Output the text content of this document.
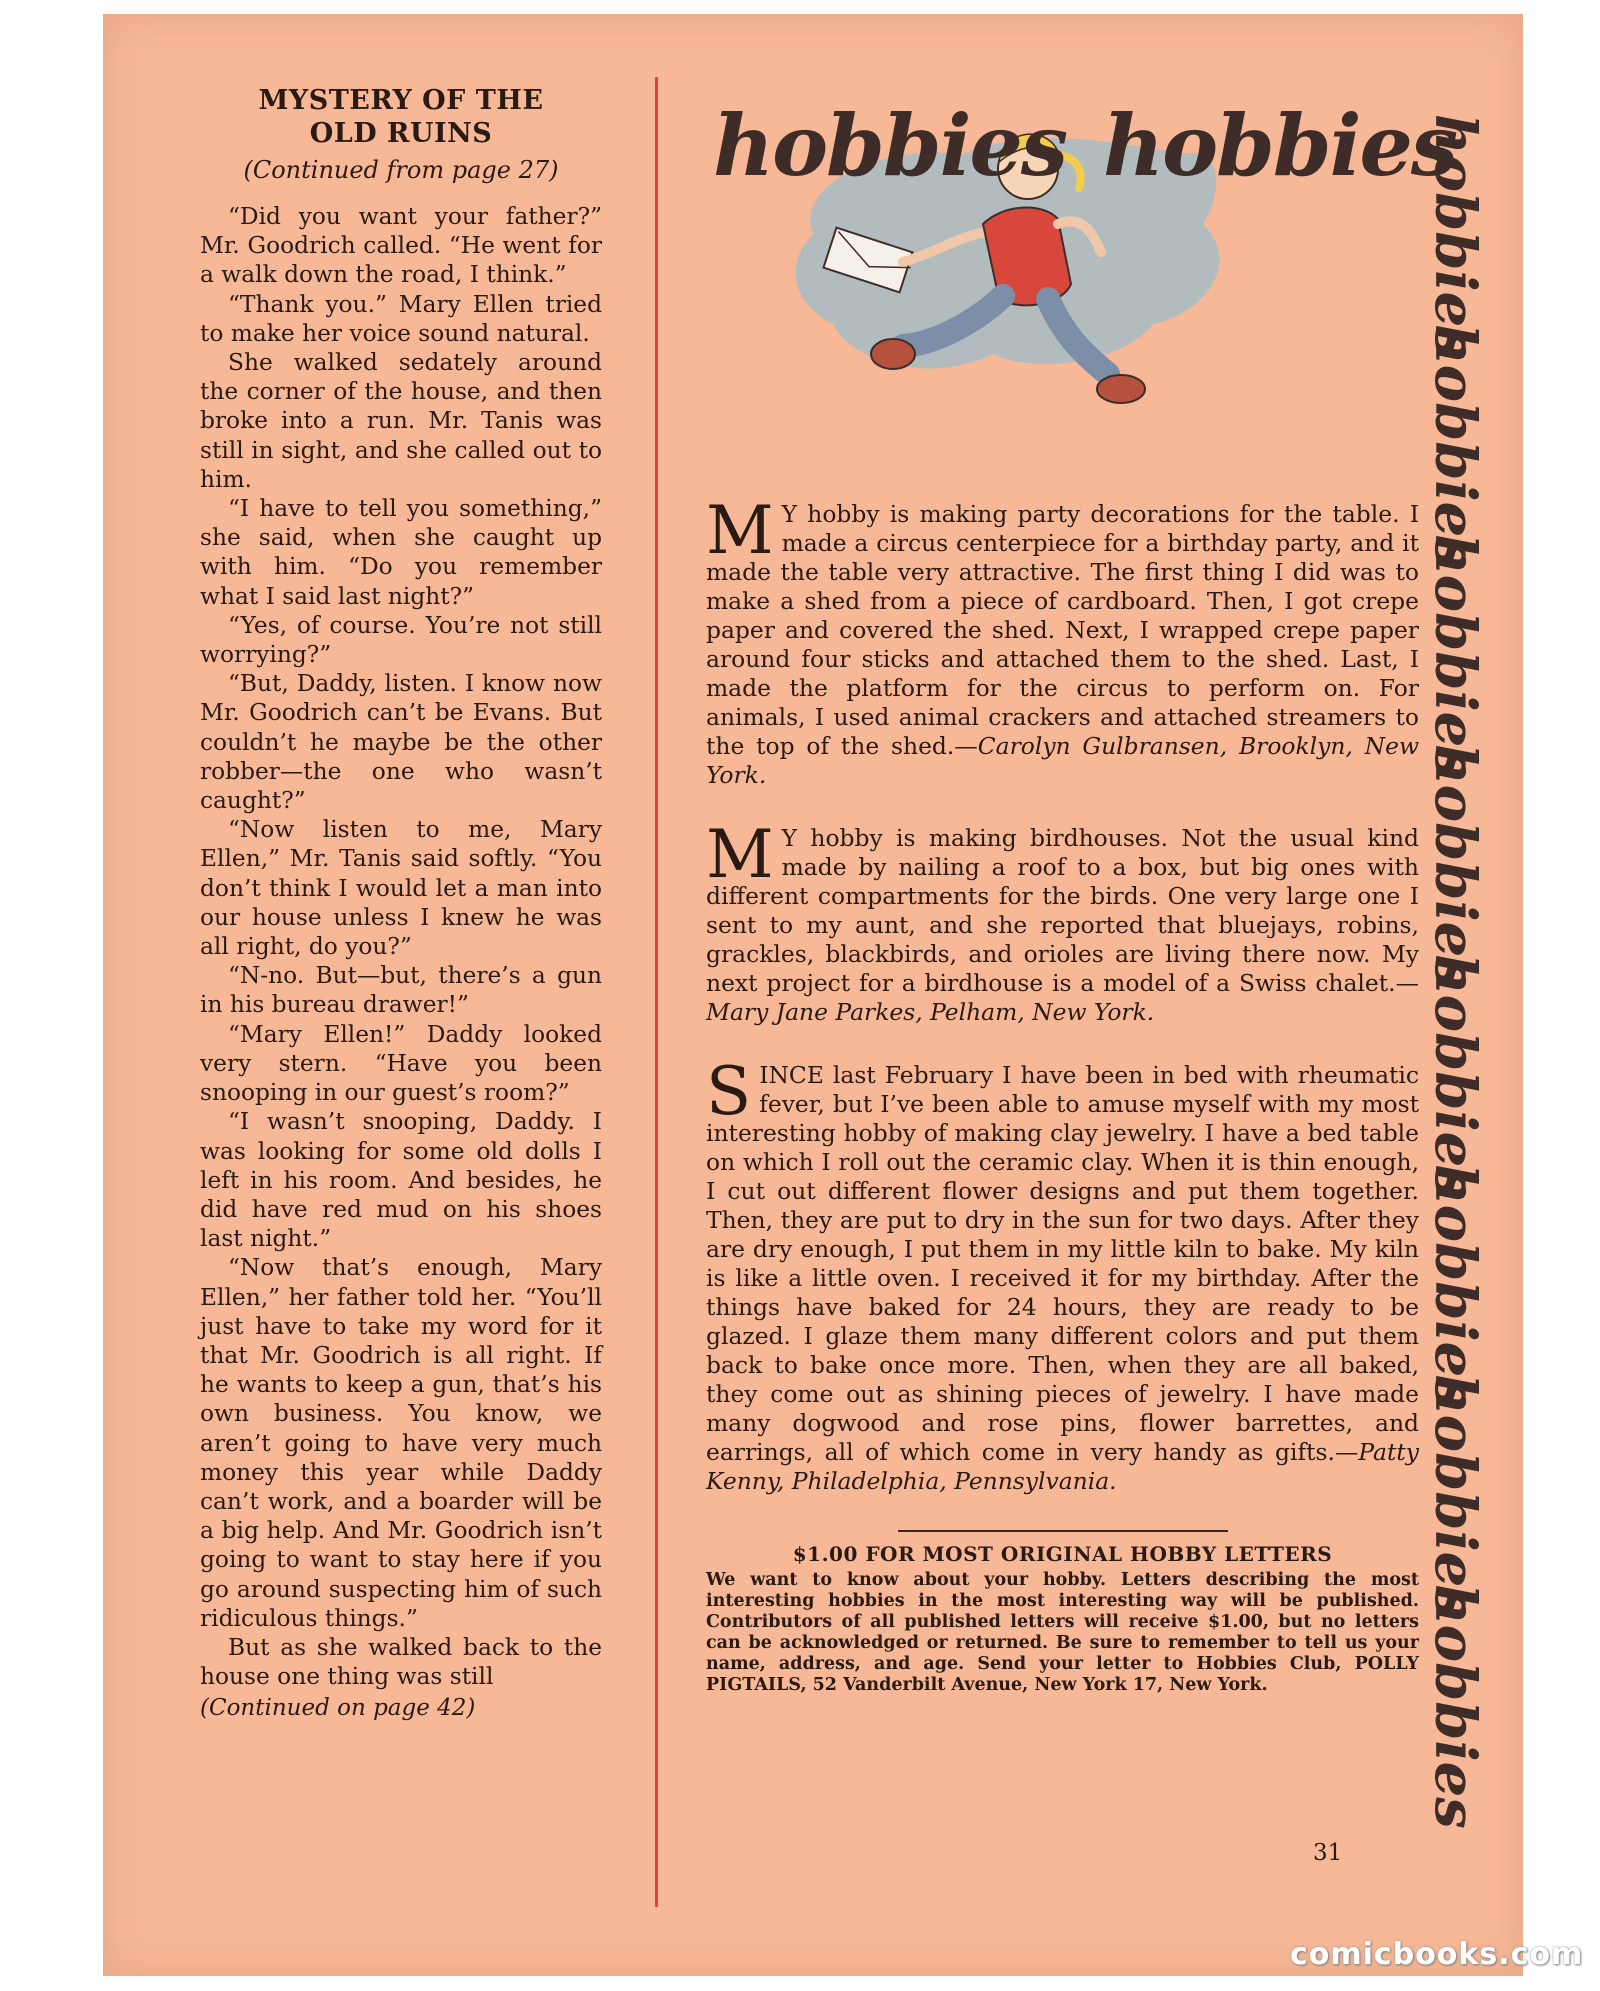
MYSTERY OF THE
OLD RUINS
(Continued from page 27)

“Did you want your father?” Mr. Goodrich called. “He went for a walk down the road, I think.”

“Thank you.” Mary Ellen tried to make her voice sound natural.

She walked sedately around the corner of the house, and then broke into a run. Mr. Tanis was still in sight, and she called out to him.

“I have to tell you something,” she said, when she caught up with him. “Do you remember what I said last night?”

“Yes, of course. You’re not still worrying?”

“But, Daddy, listen. I know now Mr. Goodrich can’t be Evans. But couldn’t he maybe be the other robber—the one who wasn’t caught?”

“Now listen to me, Mary Ellen,” Mr. Tanis said softly. “You don’t think I would let a man into our house unless I knew he was all right, do you?”

“N-no. But—but, there’s a gun in his bureau drawer!”

“Mary Ellen!” Daddy looked very stern. “Have you been snooping in our guest’s room?”

“I wasn’t snooping, Daddy. I was looking for some old dolls I left in his room. And besides, he did have red mud on his shoes last night.”

“Now that’s enough, Mary Ellen,” her father told her. “You’ll just have to take my word for it that Mr. Goodrich is all right. If he wants to keep a gun, that’s his own business. You know, we aren’t going to have very much money this year while Daddy can’t work, and a boarder will be a big help. And Mr. Goodrich isn’t going to want to stay here if you go around suspecting him of such ridiculous things.”

But as she walked back to the house one thing was still

(Continued on page 42)
hobbies hobbies

M Y hobby is making party decorations for the table. I made a circus centerpiece for a birthday party, and it made the table very attractive. The first thing I did was to make a shed from a piece of cardboard. Then, I got crepe paper and covered the shed. Next, I wrapped crepe paper around four sticks and attached them to the shed. Last, I made the platform for the circus to perform on. For animals, I used animal crackers and attached streamers to the top of the shed.—Carolyn Gulbransen, Brooklyn, New York.

M Y hobby is making birdhouses. Not the usual kind made by nailing a roof to a box, but big ones with different compartments for the birds. One very large one I sent to my aunt, and she reported that bluejays, robins, grackles, blackbirds, and orioles are living there now. My next project for a birdhouse is a model of a Swiss chalet.—Mary Jane Parkes, Pelham, New York.

SINCE last February I have been in bed with rheumatic fever, but I’ve been able to amuse myself with my most interesting hobby of making clay jewelry. I have a bed table on which I roll out the ceramic clay. When it is thin enough, I cut out different flower designs and put them together. Then, they are put to dry in the sun for two days. After they are dry enough, I put them in my little kiln to bake. My kiln is like a little oven. I received it for my birthday. After the things have baked for 24 hours, they are ready to be glazed. I glaze them many different colors and put them back to bake once more. Then, when they are all baked, they come out as shining pieces of jewelry. I have made many dogwood and rose pins, flower barrettes, and earrings, all of which come in very handy as gifts.—Patty Kenny, Philadelphia, Pennsylvania.

$1.00 FOR MOST ORIGINAL HOBBY LETTERS

We want to know about your hobby. Letters describing the most interesting hobbies in the most interesting way will be published. Contributors of all published letters will receive $1.00, but no letters can be acknowledged or returned. Be sure to remember to tell us your name, address, and age. Send your letter to Hobbies Club, POLLY PIGTAILS, 52 Vanderbilt Avenue, New York 17, New York.

31
hobbies
hobbies
hobbies
hobbies
hobbies
hobbies
hobbies
hobbies
comicbooks.com
